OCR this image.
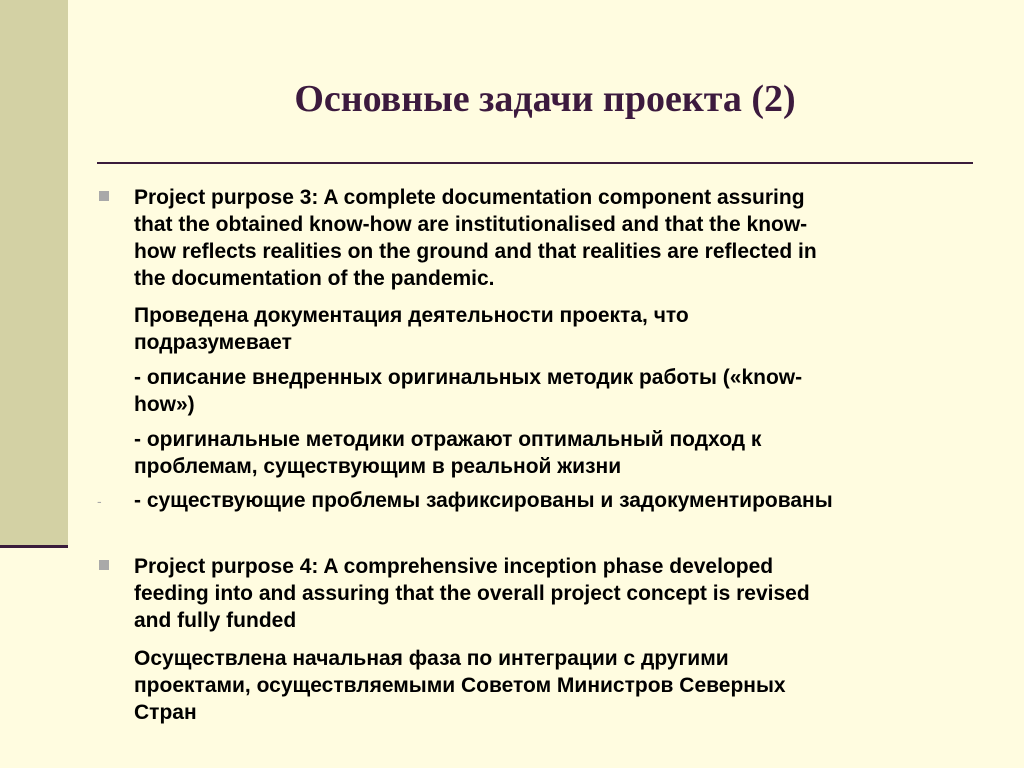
Основные задачи проекта (2)

Project purpose 3: A complete documentation component assuring

that the obtained know-how are institutionalised and that the know-

how reflects realities on the ground and that realities are reflected in

the documentation of the pandemic.

Проведена документация деятельности проекта, что

подразумевает

- описание внедренных оригинальных методик работы («know-

how»)

- оригинальные методики отражают оптимальный подход к

проблемам, существующим в реальной жизни

- - существующие проблемы зафиксированы и задокументированы

Project purpose 4: A comprehensive inception phase developed

feeding into and assuring that the overall project concept is revised

and fully funded

Осуществлена начальная фаза по интеграции с другими

проектами, осуществляемыми Советом Министров Северных

Стран
